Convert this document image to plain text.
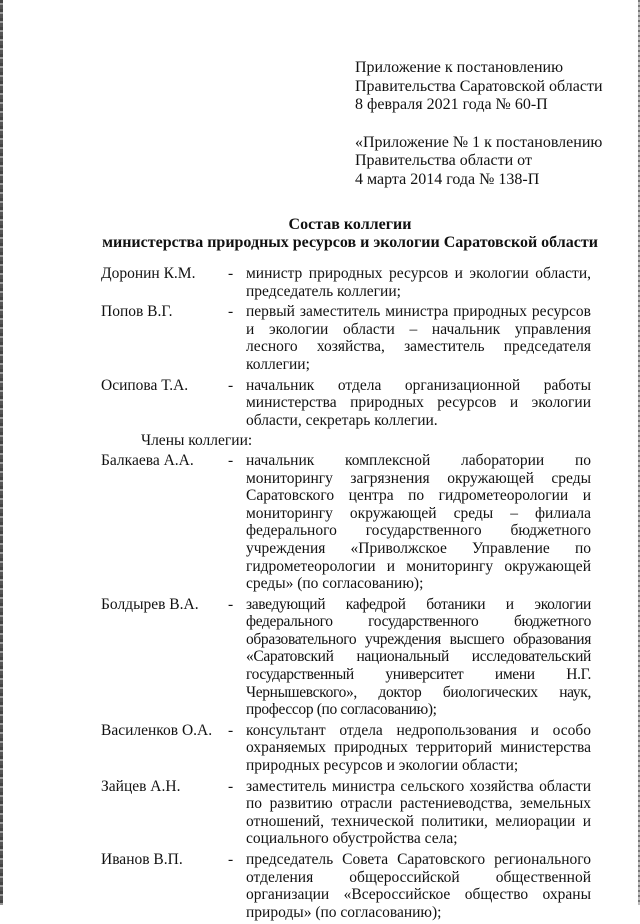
Приложение к постановлению
Правительства Саратовской области
8 февраля 2021 года № 60-П
«Приложение № 1 к постановлению
Правительства области от
4 марта 2014 года № 138-П
Состав коллегии
министерства природных ресурсов и экологии Саратовской области
Доронин К.М. - министр природных ресурсов и экологии области, председатель коллегии;
Попов В.Г.	- первый заместитель министра природных ресурсов и экологии области – начальник управления лесного хозяйства, заместитель председателя коллегии;
Осипова Т.А.	- начальник отдела организационной работы министерства природных ресурсов и экологии области, секретарь коллегии.
Члены коллегии:
Балкаева А.А. - начальник комплексной лаборатории по мониторингу загрязнения окружающей среды Саратовского центра по гидрометеорологии и мониторингу окружающей среды – филиала федерального государственного бюджетного учреждения «Приволжское Управление по гидрометеорологии и мониторингу окружающей среды» (по согласованию);
Болдырев В.А. - заведующий кафедрой ботаники и экологии федерального государственного бюджетного образовательного учреждения высшего образования «Саратовский национальный исследовательский государственный университет имени Н.Г. Чернышевского», доктор биологических наук, профессор (по согласованию);
Василенков О.А. - консультант отдела недропользования и особо охраняемых природных территорий министерства природных ресурсов и экологии области;
Зайцев А.Н.	- заместитель министра сельского хозяйства области по развитию отрасли растениеводства, земельных отношений, технической политики, мелиорации и социального обустройства села;
Иванов В.П.	- председатель Совета Саратовского регионального отделения общероссийской общественной организации «Всероссийское общество охраны природы» (по согласованию);
